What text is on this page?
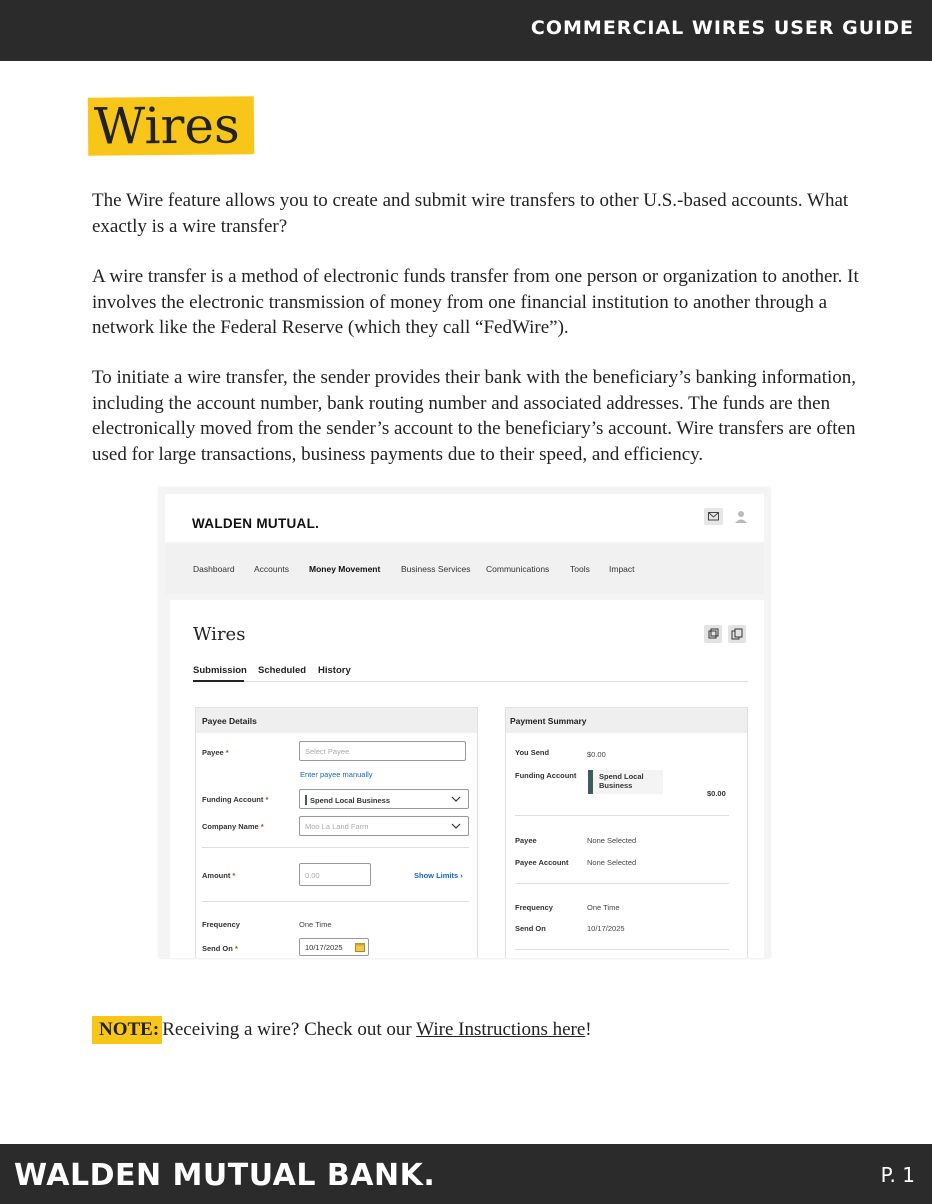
COMMERCIAL WIRES USER GUIDE
Wires

The Wire feature allows you to create and submit wire transfers to other U.S.-based accounts. What exactly is a wire transfer?

A wire transfer is a method of electronic funds transfer from one person or organization to another. It involves the electronic transmission of money from one financial institution to another through a network like the Federal Reserve (which they call “FedWire”).

To initiate a wire transfer, the sender provides their bank with the beneficiary’s banking information, including the account number, bank routing number and associated addresses. The funds are then electronically moved from the sender’s account to the beneficiary’s account. Wire transfers are often used for large transactions, business payments due to their speed, and efficiency.

WALDEN MUTUAL.
Dashboard Accounts Money Movement Business Services Communications Tools Impact
Wires
Submission Scheduled History
Payee Details
Payee *	Select Payee
Enter payee manually
Funding Account *	Spend Local Business
Company Name *	Moo La Land Farm
Amount *	0.00	Show Limits ›
Frequency	One Time
Send On *	10/17/2025
Payment Summary
You Send	$0.00
Funding Account	Spend Local Business
$0.00
Payee	None Selected
Payee Account None Selected
Frequency	One Time
Send On	10/17/2025
NOTE: Receiving a wire? Check out our Wire Instructions here!
WALDEN MUTUAL BANK.	P. 1
